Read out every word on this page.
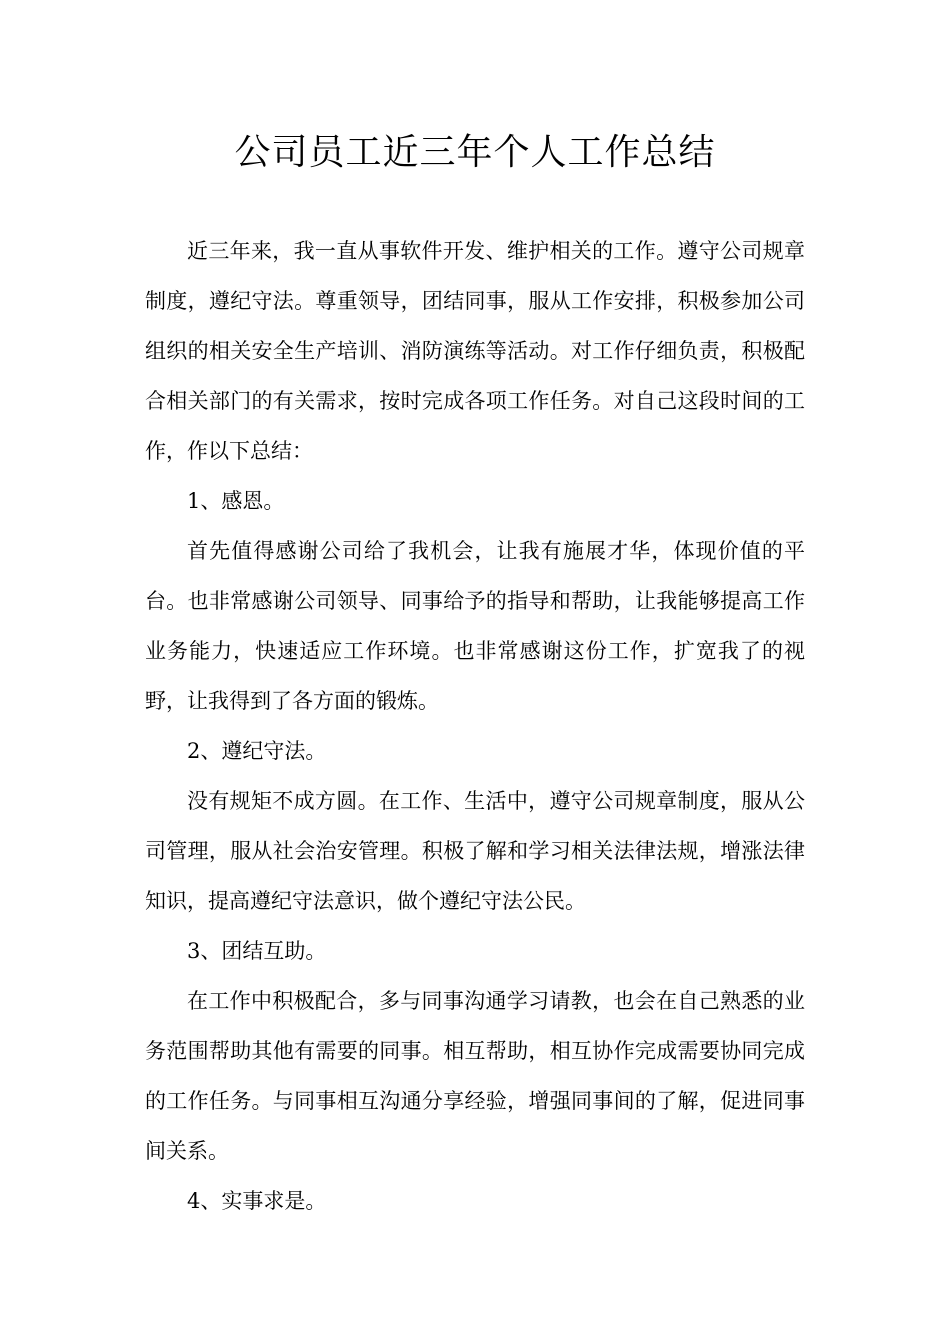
公司员工近三年个人工作总结

近三年来，我一直从事软件开发、维护相关的工作。遵守公司规章制度，遵纪守法。尊重领导，团结同事，服从工作安排，积极参加公司组织的相关安全生产培训、消防演练等活动。对工作仔细负责，积极配合相关部门的有关需求，按时完成各项工作任务。对自己这段时间的工作，作以下总结：

1、感恩。

首先值得感谢公司给了我机会，让我有施展才华，体现价值的平台。也非常感谢公司领导、同事给予的指导和帮助，让我能够提高工作业务能力，快速适应工作环境。也非常感谢这份工作，扩宽我了的视野，让我得到了各方面的锻炼。

2、遵纪守法。

没有规矩不成方圆。在工作、生活中，遵守公司规章制度，服从公司管理，服从社会治安管理。积极了解和学习相关法律法规，增涨法律知识，提高遵纪守法意识，做个遵纪守法公民。

3、团结互助。

在工作中积极配合，多与同事沟通学习请教，也会在自己熟悉的业务范围帮助其他有需要的同事。相互帮助，相互协作完成需要协同完成的工作任务。与同事相互沟通分享经验，增强同事间的了解，促进同事间关系。

4、实事求是。
